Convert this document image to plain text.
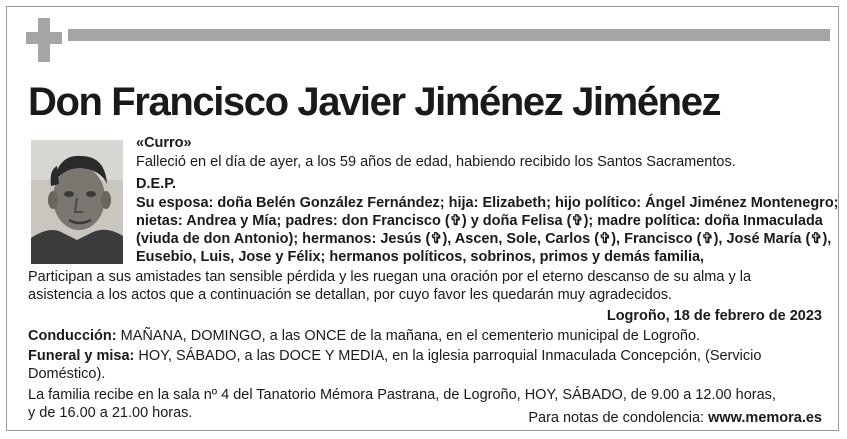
Don Francisco Javier Jiménez Jiménez
«Curro»
Falleció en el día de ayer, a los 59 años de edad, habiendo recibido los Santos Sacramentos.
D.E.P.
Su esposa: doña Belén González Fernández; hija: Elizabeth; hijo político: Ángel Jiménez Montenegro;
nietas: Andrea y Mía; padres: don Francisco (✞) y doña Felisa (✞); madre política: doña Inmaculada
(viuda de don Antonio); hermanos: Jesús (✞), Ascen, Sole, Carlos (✞), Francisco (✞), José María (✞),
Eusebio, Luis, Jose y Félix; hermanos políticos, sobrinos, primos y demás familia,
Participan a sus amistades tan sensible pérdida y les ruegan una oración por el eterno descanso de su alma y la
asistencia a los actos que a continuación se detallan, por cuyo favor les quedarán muy agradecidos.
Logroño, 18 de febrero de 2023
Conducción: MAÑANA, DOMINGO, a las ONCE de la mañana, en el cementerio municipal de Logroño.
Funeral y misa: HOY, SÁBADO, a las DOCE Y MEDIA, en la iglesia parroquial Inmaculada Concepción, (Servicio
Doméstico).
La familia recibe en la sala nº 4 del Tanatorio Mémora Pastrana, de Logroño, HOY, SÁBADO, de 9.00 a 12.00 horas,
y de 16.00 a 21.00 horas.	Para notas de condolencia: www.memora.es
